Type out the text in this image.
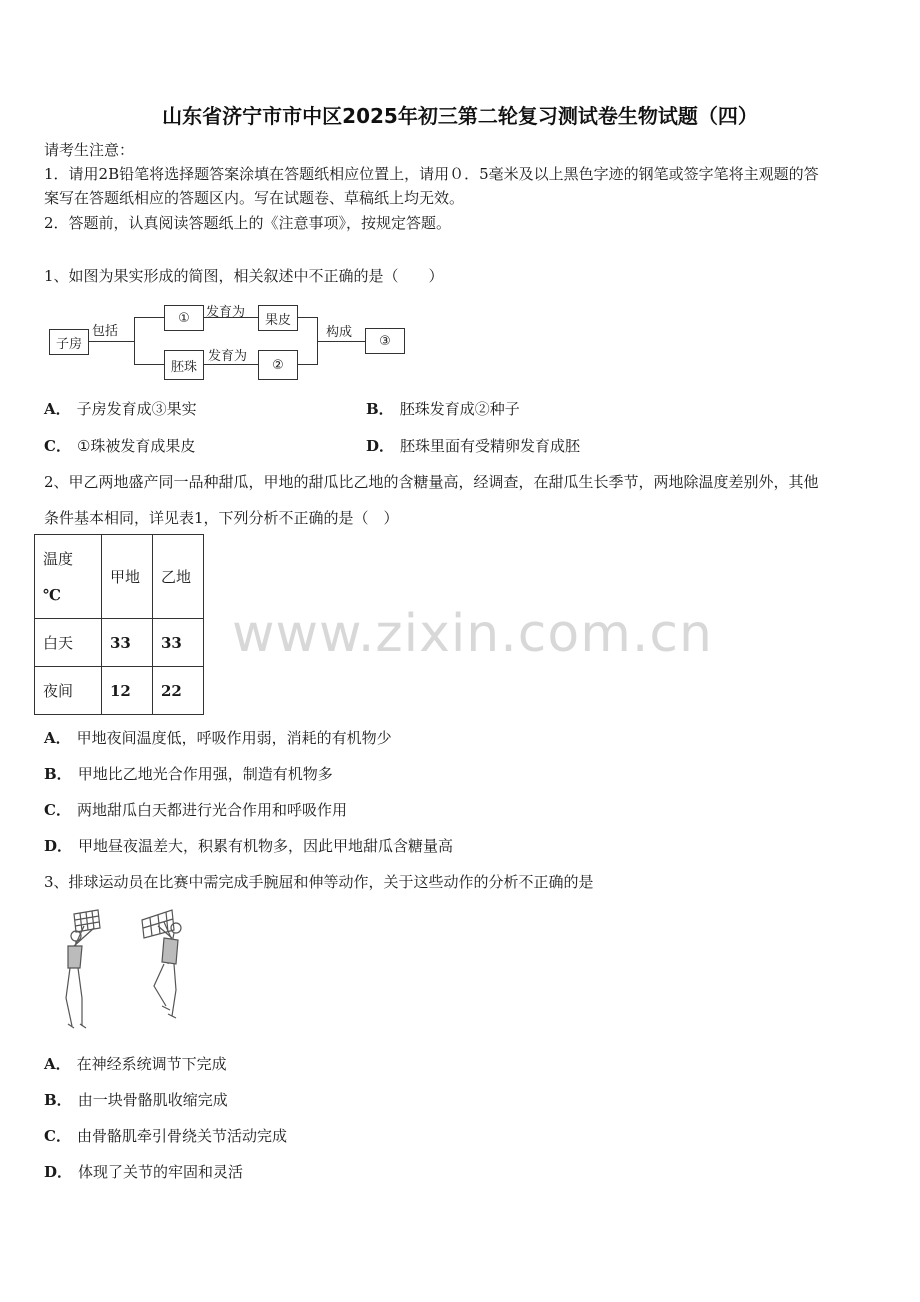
山东省济宁市市中区2025年初三第二轮复习测试卷生物试题（四）
请考生注意：
1．请用2B铅笔将选择题答案涂填在答题纸相应位置上，请用０．5毫米及以上黑色字迹的钢笔或签字笔将主观题的答
案写在答题纸相应的答题区内。写在试题卷、草稿纸上均无效。
2．答题前，认真阅读答题纸上的《注意事项》，按规定答题。
1、如图为果实形成的简图，相关叙述中不正确的是（　　）
子房
包括
①	发育为	果皮
胚珠
发育为
②
构成
③
A． 子房发育成③果实	B． 胚珠发育成②种子
C． ①珠被发育成果皮	D． 胚珠里面有受精卵发育成胚
2、甲乙两地盛产同一品种甜瓜，甲地的甜瓜比乙地的含糖量高，经调查，在甜瓜生长季节，两地除温度差别外，其他
条件基本相同，详见表1，下列分析不正确的是（　）
温度
℃	甲地	乙地
白天	33	33
夜间	12	22
www.zixin.com.cn
A． 甲地夜间温度低，呼吸作用弱，消耗的有机物少
B． 甲地比乙地光合作用强，制造有机物多
C． 两地甜瓜白天都进行光合作用和呼吸作用
D． 甲地昼夜温差大，积累有机物多，因此甲地甜瓜含糖量高
3、排球运动员在比赛中需完成手腕屈和伸等动作，关于这些动作的分析不正确的是
A． 在神经系统调节下完成
B． 由一块骨骼肌收缩完成
C． 由骨骼肌牵引骨绕关节活动完成
D． 体现了关节的牢固和灵活
